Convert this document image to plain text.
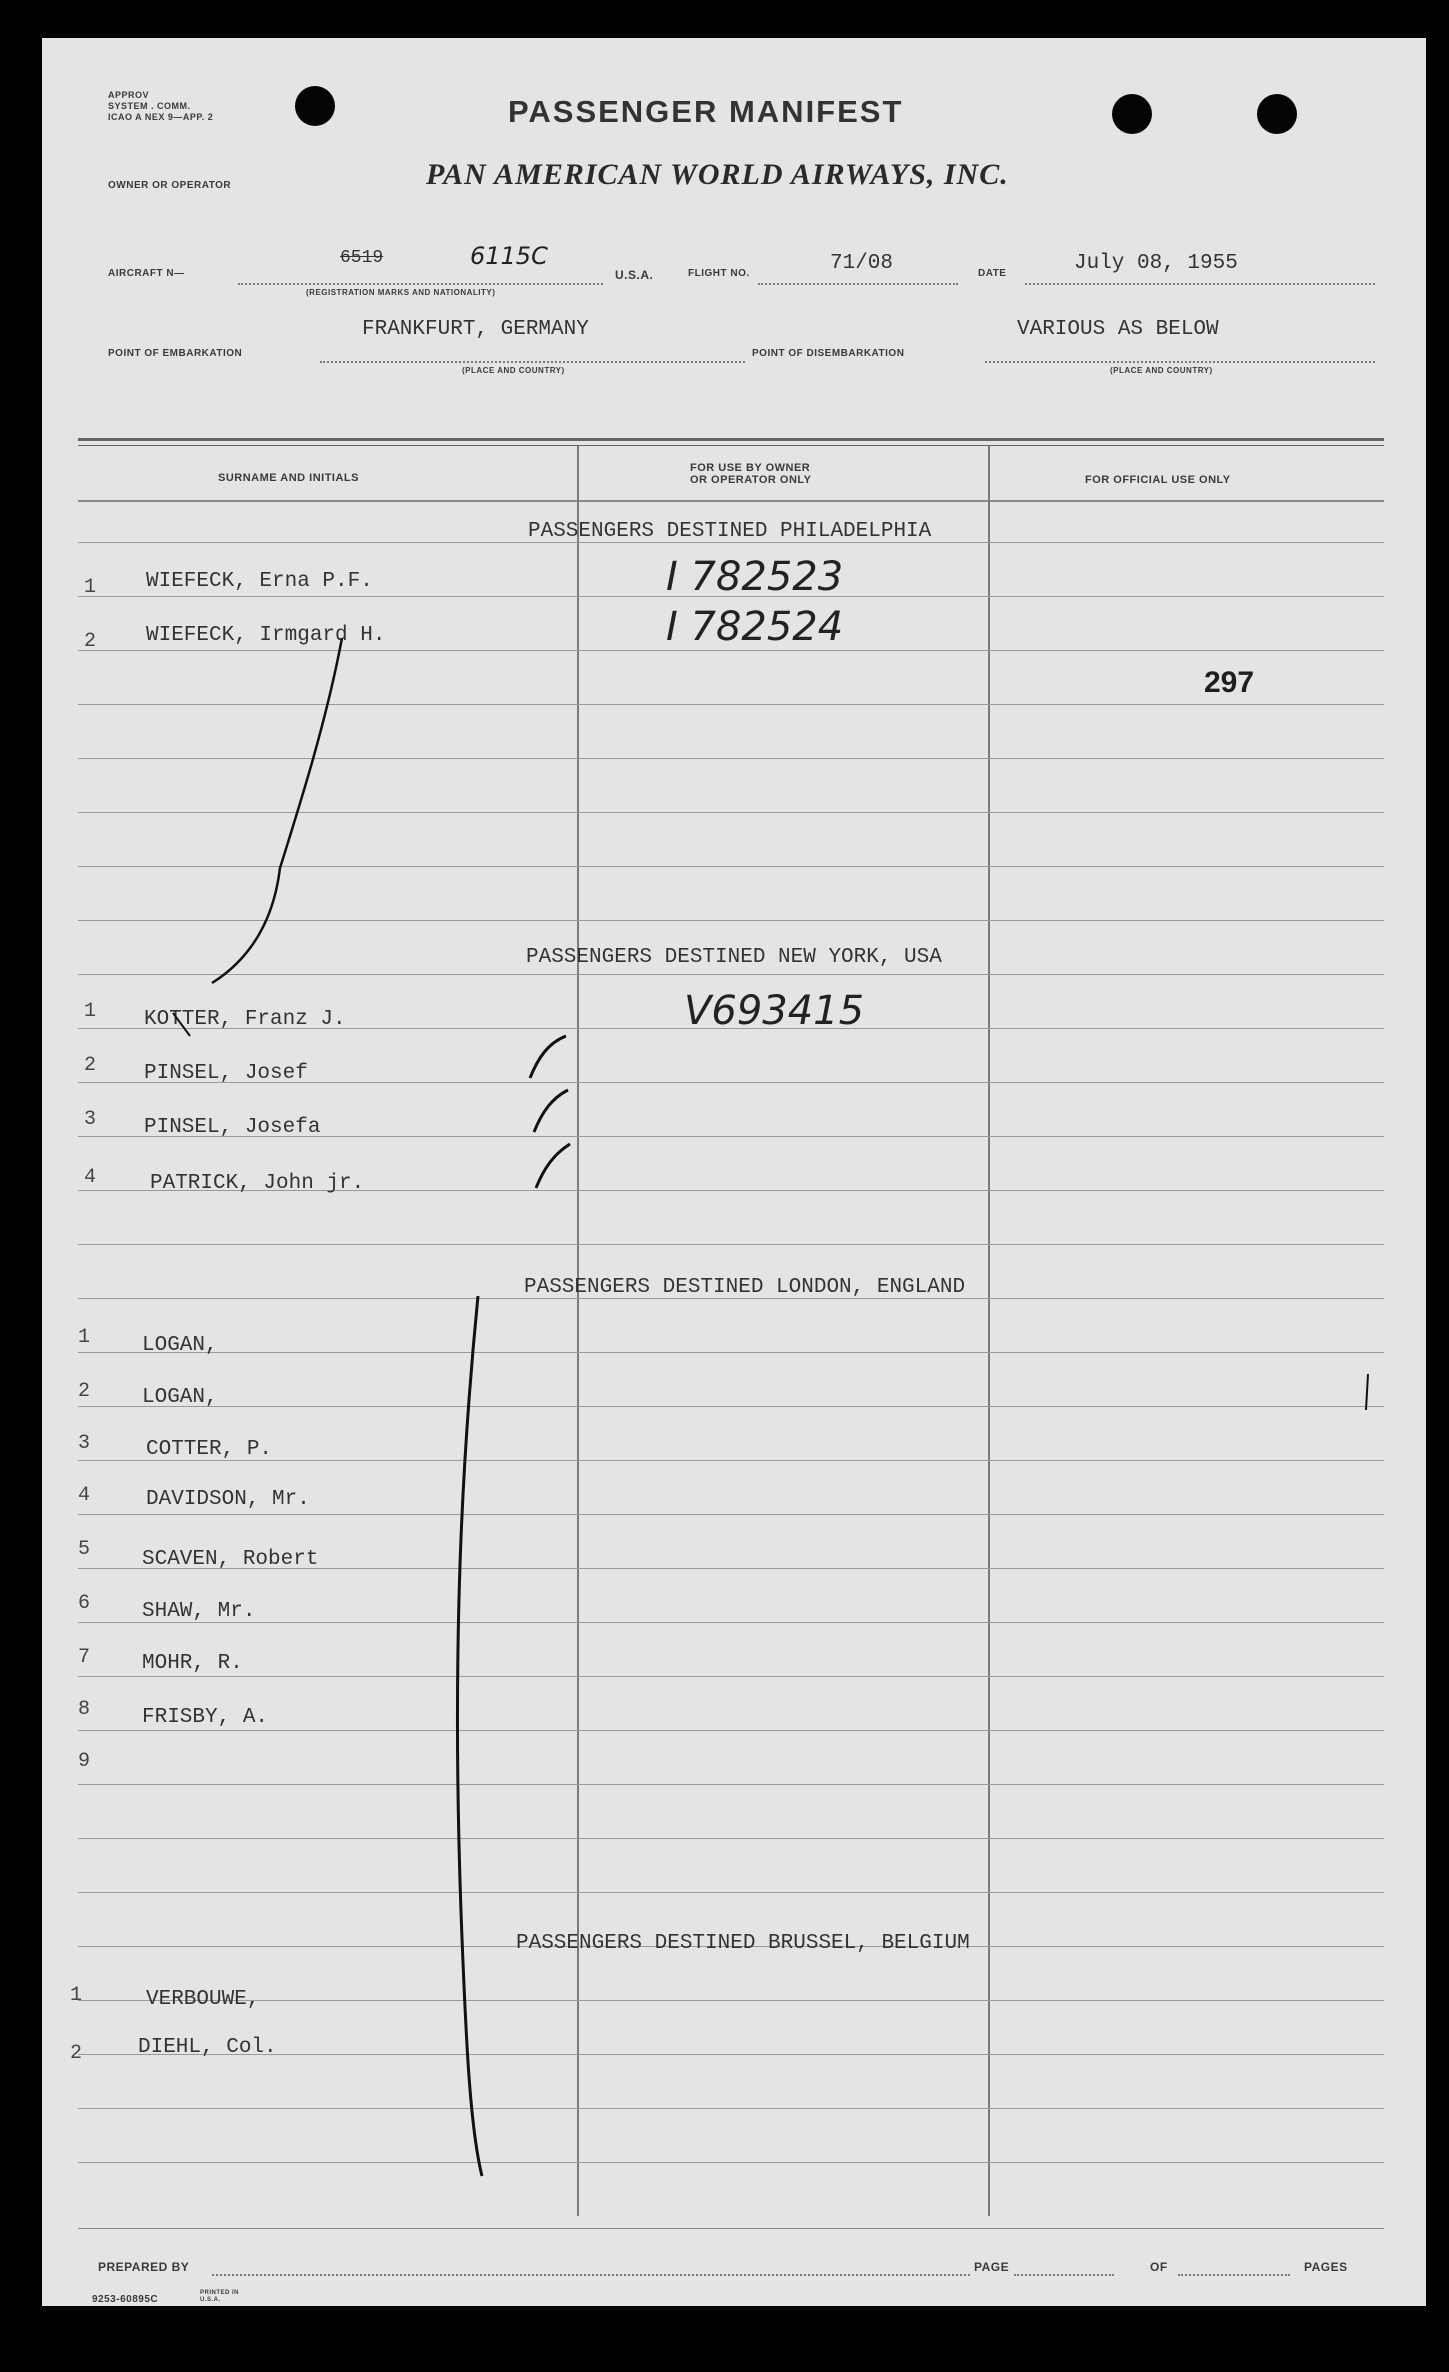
APPROV
SYSTEM . COMM.
ICAO A NEX 9—APP. 2	PASSENGER MANIFEST
PAN AMERICAN WORLD AIRWAYS, INC.
OWNER OR OPERATOR
AIRCRAFT N—
6519	6115C
(REGISTRATION MARKS AND NATIONALITY)
U.S.A.	FLIGHT NO.	71/08	DATE	July 08, 1955
FRANKFURT, GERMANY
POINT OF EMBARKATION
(PLACE AND COUNTRY)
VARIOUS AS BELOW
POINT OF DISEMBARKATION
(PLACE AND COUNTRY)
SURNAME AND INITIALS
FOR USE BY OWNER
OR OPERATOR ONLY	FOR OFFICIAL USE ONLY
PASSENGERS DESTINED PHILADELPHIA
1 WIEFECK, Erna P.F.	I 782523
2 WIEFECK, Irmgard H.	I 782524
297
PASSENGERS DESTINED NEW YORK, USA
1 KOTTER, Franz J.	V693415
2 PINSEL, Josef
3 PINSEL, Josefa
4	PATRICK, John jr.
PASSENGERS DESTINED LONDON, ENGLAND
1 LOGAN,
2 LOGAN,
3	COTTER, P.
4	DAVIDSON, Mr.
5 SCAVEN, Robert
6 SHAW, Mr.
7 MOHR, R.
8 FRISBY, A.
9
PASSENGERS DESTINED BRUSSEL, BELGIUM
1	VERBOUWE,
2	DIEHL, Col.
PREPARED BY	PAGE	OF	PAGES
9253-60895C
PRINTED IN U.S.A.
